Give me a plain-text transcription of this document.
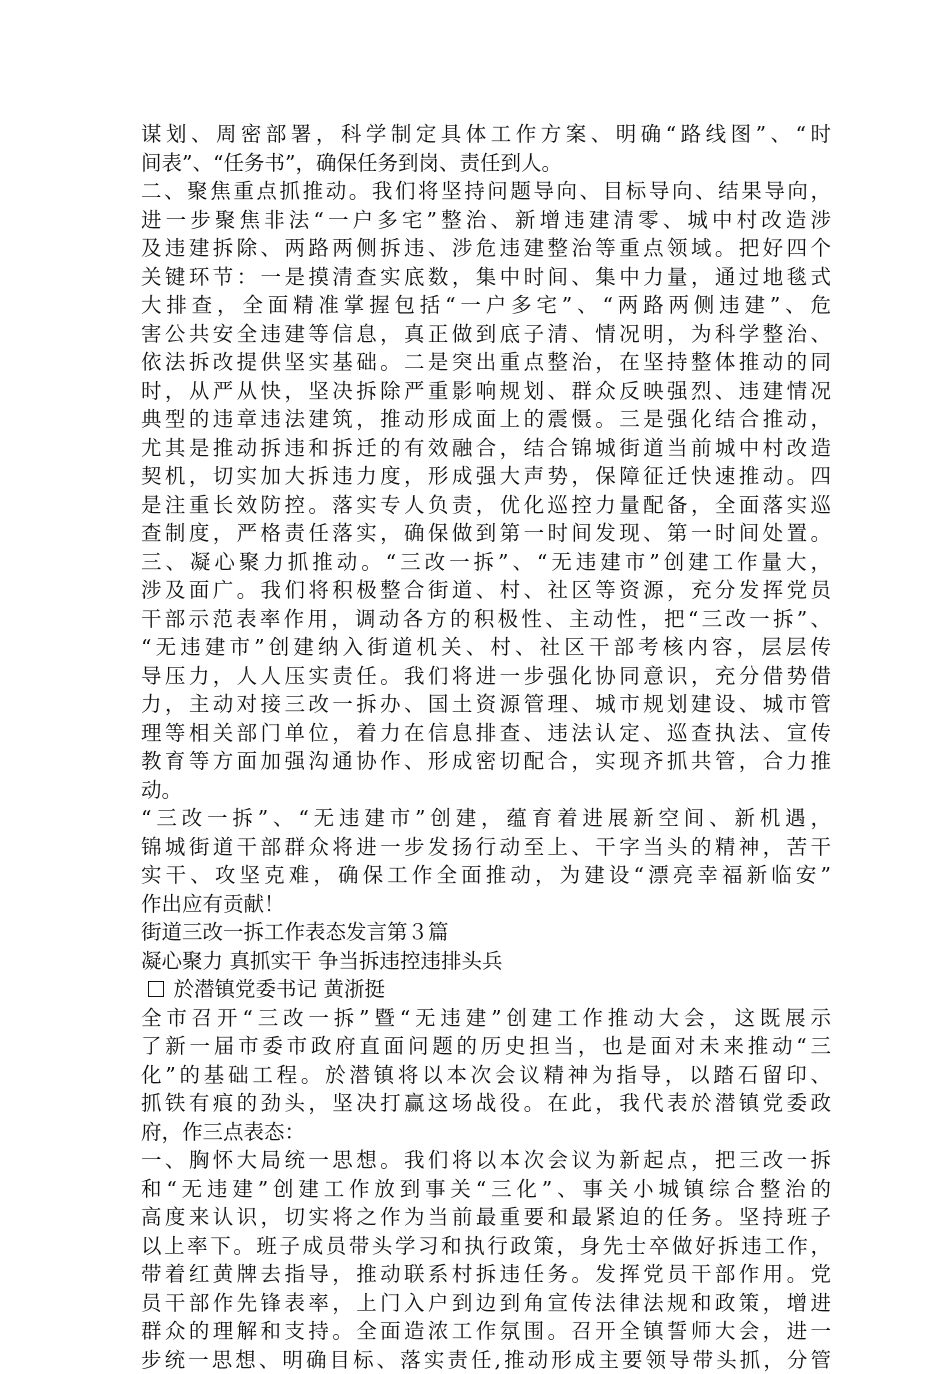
谋划、周密部署，科学制定具体工作方案、明确“路线图”、“时
间表”、“任务书”，确保任务到岗、责任到人。
二、聚焦重点抓推动。我们将坚持问题导向、目标导向、结果导向，
进一步聚焦非法“一户多宅”整治、新增违建清零、城中村改造涉
及违建拆除、两路两侧拆违、涉危违建整治等重点领域。把好四个
关键环节：一是摸清查实底数，集中时间、集中力量，通过地毯式
大排查，全面精准掌握包括“一户多宅”、“两路两侧违建”、危
害公共安全违建等信息，真正做到底子清、情况明，为科学整治、
依法拆改提供坚实基础。二是突出重点整治，在坚持整体推动的同
时，从严从快，坚决拆除严重影响规划、群众反映强烈、违建情况
典型的违章违法建筑，推动形成面上的震慑。三是强化结合推动，
尤其是推动拆违和拆迁的有效融合，结合锦城街道当前城中村改造
契机，切实加大拆违力度，形成强大声势，保障征迁快速推动。四
是注重长效防控。落实专人负责，优化巡控力量配备，全面落实巡
查制度，严格责任落实，确保做到第一时间发现、第一时间处置。
三、凝心聚力抓推动。“三改一拆”、“无违建市”创建工作量大，
涉及面广。我们将积极整合街道、村、社区等资源，充分发挥党员
干部示范表率作用，调动各方的积极性、主动性，把“三改一拆”、
“无违建市”创建纳入街道机关、村、社区干部考核内容，层层传
导压力，人人压实责任。我们将进一步强化协同意识，充分借势借
力，主动对接三改一拆办、国土资源管理、城市规划建设、城市管
理等相关部门单位，着力在信息排查、违法认定、巡查执法、宣传
教育等方面加强沟通协作、形成密切配合，实现齐抓共管，合力推
动。
“三改一拆”、“无违建市”创建，蕴育着进展新空间、新机遇，
锦城街道干部群众将进一步发扬行动至上、干字当头的精神，苦干
实干、攻坚克难，确保工作全面推动，为建设“漂亮幸福新临安”
作出应有贡献！
街道三改一拆工作表态发言第３篇
凝心聚力 真抓实干 争当拆违控违排头兵
於潜镇党委书记 黄浙挺
全市召开“三改一拆”暨“无违建”创建工作推动大会，这既展示
了新一届市委市政府直面问题的历史担当，也是面对未来推动“三
化”的基础工程。於潜镇将以本次会议精神为指导，以踏石留印、
抓铁有痕的劲头，坚决打赢这场战役。在此，我代表於潜镇党委政
府，作三点表态：
一、胸怀大局统一思想。我们将以本次会议为新起点，把三改一拆
和“无违建”创建工作放到事关“三化”、事关小城镇综合整治的
高度来认识，切实将之作为当前最重要和最紧迫的任务。坚持班子
以上率下。班子成员带头学习和执行政策，身先士卒做好拆违工作，
带着红黄牌去指导，推动联系村拆违任务。发挥党员干部作用。党
员干部作先锋表率，上门入户到边到角宣传法律法规和政策，增进
群众的理解和支持。全面造浓工作氛围。召开全镇誓师大会，进一
步统一思想、明确目标、落实责任,推动形成主要领导带头抓，分管
